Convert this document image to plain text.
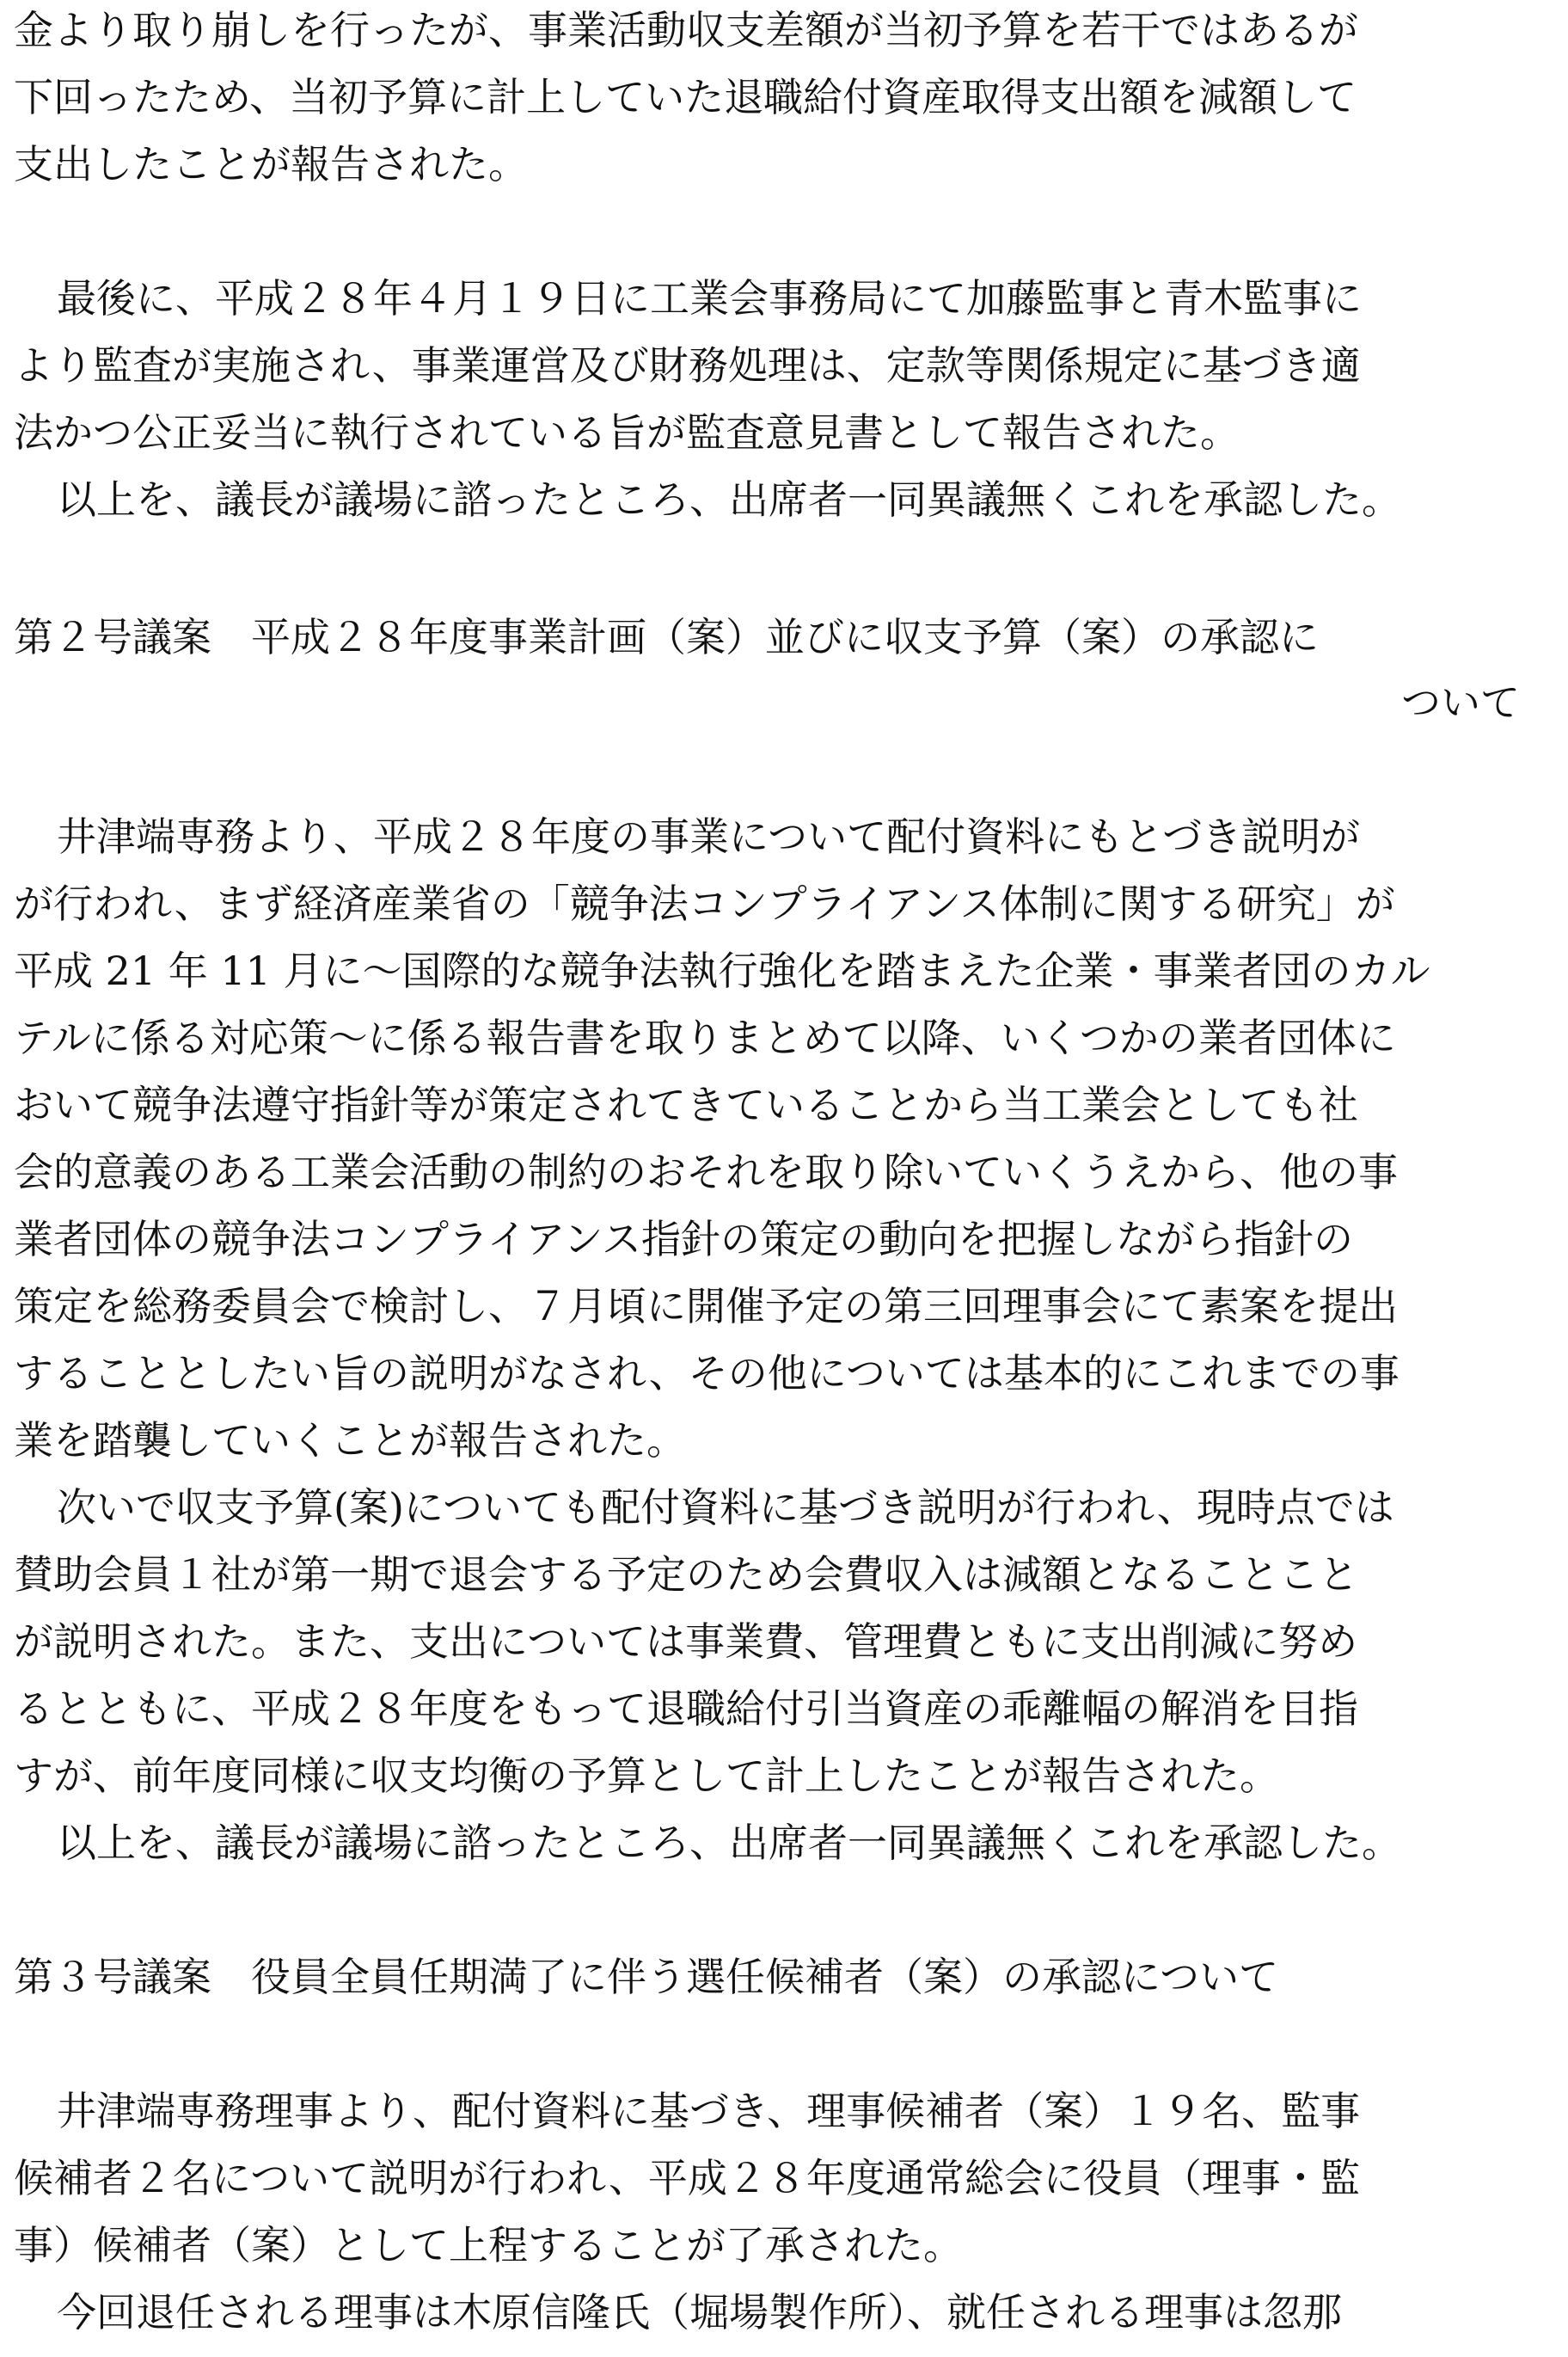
金より取り崩しを行ったが、事業活動収支差額が当初予算を若干ではあるが
下回ったため、当初予算に計上していた退職給付資産取得支出額を減額して
支出したことが報告された。
最後に、平成２８年４月１９日に工業会事務局にて加藤監事と青木監事に
より監査が実施され、事業運営及び財務処理は、定款等関係規定に基づき適
法かつ公正妥当に執行されている旨が監査意見書として報告された。
以上を、議長が議場に諮ったところ、出席者一同異議無くこれを承認した。
第２号議案　平成２８年度事業計画（案）並びに収支予算（案）の承認に
ついて
井津端専務より、平成２８年度の事業について配付資料にもとづき説明が
が行われ、まず経済産業省の「競争法コンプライアンス体制に関する研究」が
平成 21 年 11 月に～国際的な競争法執行強化を踏まえた企業・事業者団のカル
テルに係る対応策～に係る報告書を取りまとめて以降、いくつかの業者団体に
おいて競争法遵守指針等が策定されてきていることから当工業会としても社
会的意義のある工業会活動の制約のおそれを取り除いていくうえから、他の事
業者団体の競争法コンプライアンス指針の策定の動向を把握しながら指針の
策定を総務委員会で検討し、７月頃に開催予定の第三回理事会にて素案を提出
することとしたい旨の説明がなされ、その他については基本的にこれまでの事
業を踏襲していくことが報告された。
次いで収支予算(案)についても配付資料に基づき説明が行われ、現時点では
賛助会員１社が第一期で退会する予定のため会費収入は減額となることこと
が説明された。また、支出については事業費、管理費ともに支出削減に努め
るとともに、平成２８年度をもって退職給付引当資産の乖離幅の解消を目指
すが、前年度同様に収支均衡の予算として計上したことが報告された。
以上を、議長が議場に諮ったところ、出席者一同異議無くこれを承認した。
第３号議案　役員全員任期満了に伴う選任候補者（案）の承認について
井津端専務理事より、配付資料に基づき、理事候補者（案）１９名、監事
候補者２名について説明が行われ、平成２８年度通常総会に役員（理事・監
事）候補者（案）として上程することが了承された。
今回退任される理事は木原信隆氏（堀場製作所）、就任される理事は忽那
